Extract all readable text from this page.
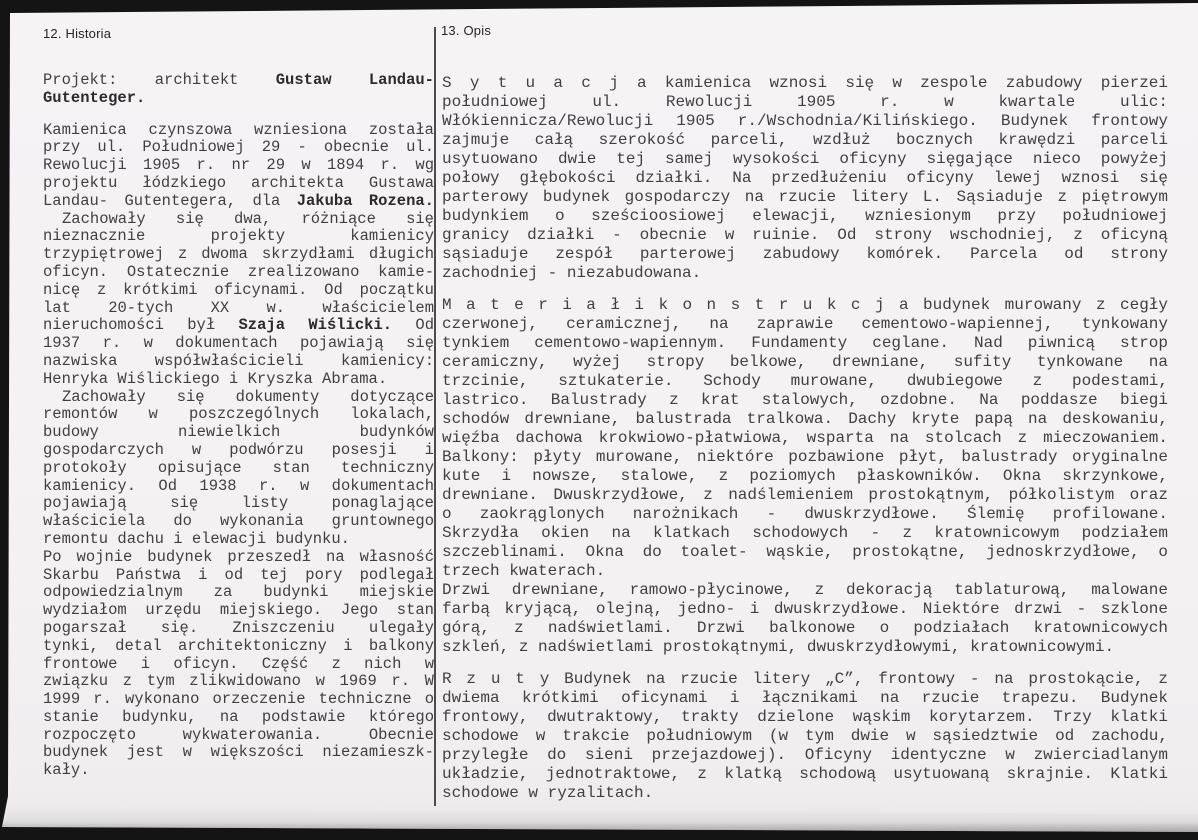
12. Historia	13. Opis
Projekt: architekt Gustaw Landau-
Gutenteger.
Kamienica czynszowa wzniesiona została
przy ul. Południowej 29 - obecnie ul.
Rewolucji 1905 r. nr 29 w 1894 r. wg
projektu łódzkiego architekta Gustawa
Landau- Gutentegera, dla Jakuba Rozena.
Zachowały się dwa, różniące się
nieznacznie projekty kamienicy
trzypiętrowej z dwoma skrzydłami długich
oficyn. Ostatecznie zrealizowano kamie-
nicę z krótkimi oficynami. Od początku
lat 20-tych XX w. właścicielem
nieruchomości był Szaja Wiślicki. Od
1937 r. w dokumentach pojawiają się
nazwiska współwłaścicieli kamienicy:
Henryka Wiślickiego i Kryszka Abrama.
Zachowały się dokumenty dotyczące
remontów w poszczególnych lokalach,
budowy niewielkich budynków
gospodarczych w podwórzu posesji i
protokoły opisujące stan techniczny
kamienicy. Od 1938 r. w dokumentach
pojawiają się listy ponaglające
właściciela do wykonania gruntownego
remontu dachu i elewacji budynku.
Po wojnie budynek przeszedł na własność
Skarbu Państwa i od tej pory podlegał
odpowiedzialnym za budynki miejskie
wydziałom urzędu miejskiego. Jego stan
pogarszał się. Zniszczeniu ulegały
tynki, detal architektoniczny i balkony
frontowe i oficyn. Część z nich w
związku z tym zlikwidowano w 1969 r. W
1999 r. wykonano orzeczenie techniczne o
stanie budynku, na podstawie którego
rozpoczęto wykwaterowania. Obecnie
budynek jest w większości niezamieszk-
kały.
S y t u a c j a kamienica wznosi się w zespole zabudowy pierzei
południowej ul. Rewolucji 1905 r. w kwartale ulic:
Włókiennicza/Rewolucji 1905 r./Wschodnia/Kilińskiego. Budynek frontowy
zajmuje całą szerokość parceli, wzdłuż bocznych krawędzi parceli
usytuowano dwie tej samej wysokości oficyny sięgające nieco powyżej
połowy głębokości działki. Na przedłużeniu oficyny lewej wznosi się
parterowy budynek gospodarczy na rzucie litery L. Sąsiaduje z piętrowym
budynkiem o sześcioosiowej elewacji, wzniesionym przy południowej
granicy działki - obecnie w ruinie. Od strony wschodniej, z oficyną
sąsiaduje zespół parterowej zabudowy komórek. Parcela od strony
zachodniej - niezabudowana.
M a t e r i a ł i k o n s t r u k c j a budynek murowany z cegły
czerwonej, ceramicznej, na zaprawie cementowo-wapiennej, tynkowany
tynkiem cementowo-wapiennym. Fundamenty ceglane. Nad piwnicą strop
ceramiczny, wyżej stropy belkowe, drewniane, sufity tynkowane na
trzcinie, sztukaterie. Schody murowane, dwubiegowe z podestami,
lastrico. Balustrady z krat stalowych, ozdobne. Na poddasze biegi
schodów drewniane, balustrada tralkowa. Dachy kryte papą na deskowaniu,
więźba dachowa krokwiowo-płatwiowa, wsparta na stolcach z mieczowaniem.
Balkony: płyty murowane, niektóre pozbawione płyt, balustrady oryginalne
kute i nowsze, stalowe, z poziomych płaskowników. Okna skrzynkowe,
drewniane. Dwuskrzydłowe, z nadślemieniem prostokątnym, półkolistym oraz
o zaokrąglonych narożnikach - dwuskrzydłowe. Ślemię profilowane.
Skrzydła okien na klatkach schodowych - z kratownicowym podziałem
szczeblinami. Okna do toalet- wąskie, prostokątne, jednoskrzydłowe, o
trzech kwaterach.
Drzwi drewniane, ramowo-płycinowe, z dekoracją tablaturową, malowane
farbą kryjącą, olejną, jedno- i dwuskrzydłowe. Niektóre drzwi - szklone
górą, z nadświetlami. Drzwi balkonowe o podziałach kratownicowych
szkleń, z nadświetlami prostokątnymi, dwuskrzydłowymi, kratownicowymi.
R z u t y Budynek na rzucie litery „C”, frontowy - na prostokącie, z
dwiema krótkimi oficynami i łącznikami na rzucie trapezu. Budynek
frontowy, dwutraktowy, trakty dzielone wąskim korytarzem. Trzy klatki
schodowe w trakcie południowym (w tym dwie w sąsiedztwie od zachodu,
przyległe do sieni przejazdowej). Oficyny identyczne w zwierciadlanym
układzie, jednotraktowe, z klatką schodową usytuowaną skrajnie. Klatki
schodowe w ryzalitach.
